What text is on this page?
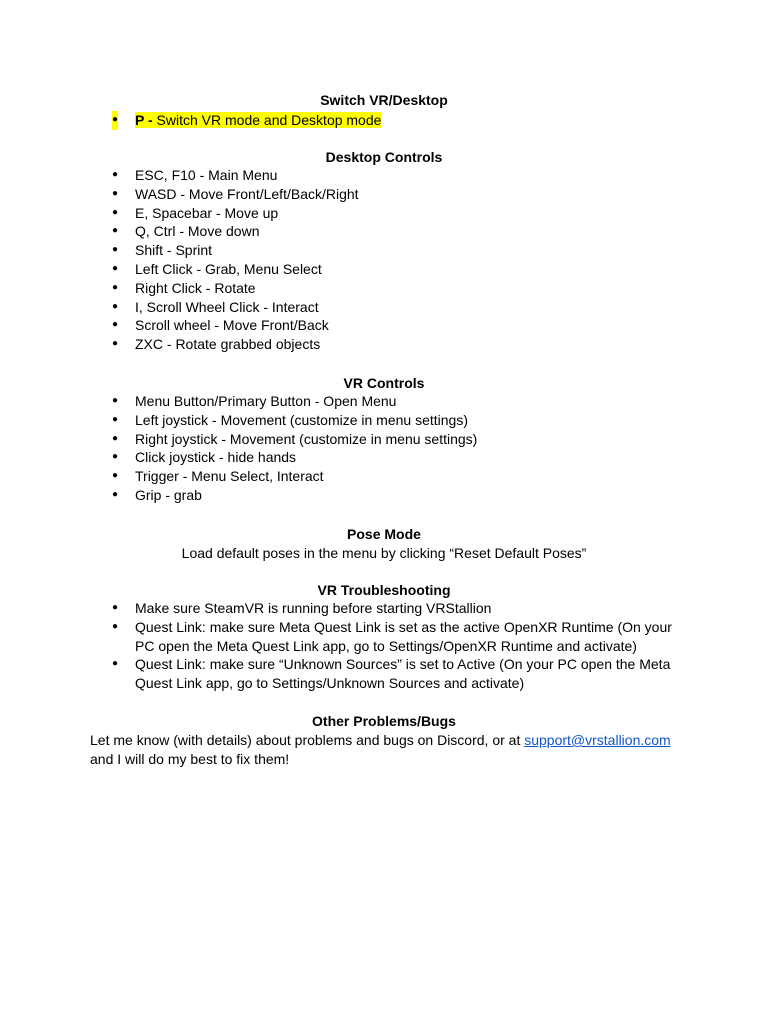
Switch VR/Desktop
● P - Switch VR mode and Desktop mode
Desktop Controls
● ESC, F10 - Main Menu
● WASD - Move Front/Left/Back/Right
● E, Spacebar - Move up
● Q, Ctrl - Move down
● Shift - Sprint
● Left Click - Grab, Menu Select
● Right Click - Rotate
● I, Scroll Wheel Click - Interact
● Scroll wheel - Move Front/Back
● ZXC - Rotate grabbed objects
VR Controls
● Menu Button/Primary Button - Open Menu
● Left joystick - Movement (customize in menu settings)
● Right joystick - Movement (customize in menu settings)
● Click joystick - hide hands
● Trigger - Menu Select, Interact
● Grip - grab
Pose Mode
Load default poses in the menu by clicking “Reset Default Poses”
VR Troubleshooting
● Make sure SteamVR is running before starting VRStallion
● Quest Link: make sure Meta Quest Link is set as the active OpenXR Runtime (On your PC open the Meta Quest Link app, go to Settings/OpenXR Runtime and activate)
● Quest Link: make sure “Unknown Sources” is set to Active (On your PC open the Meta Quest Link app, go to Settings/Unknown Sources and activate)
Other Problems/Bugs
Let me know (with details) about problems and bugs on Discord, or at support@vrstallion.com
and I will do my best to fix them!
